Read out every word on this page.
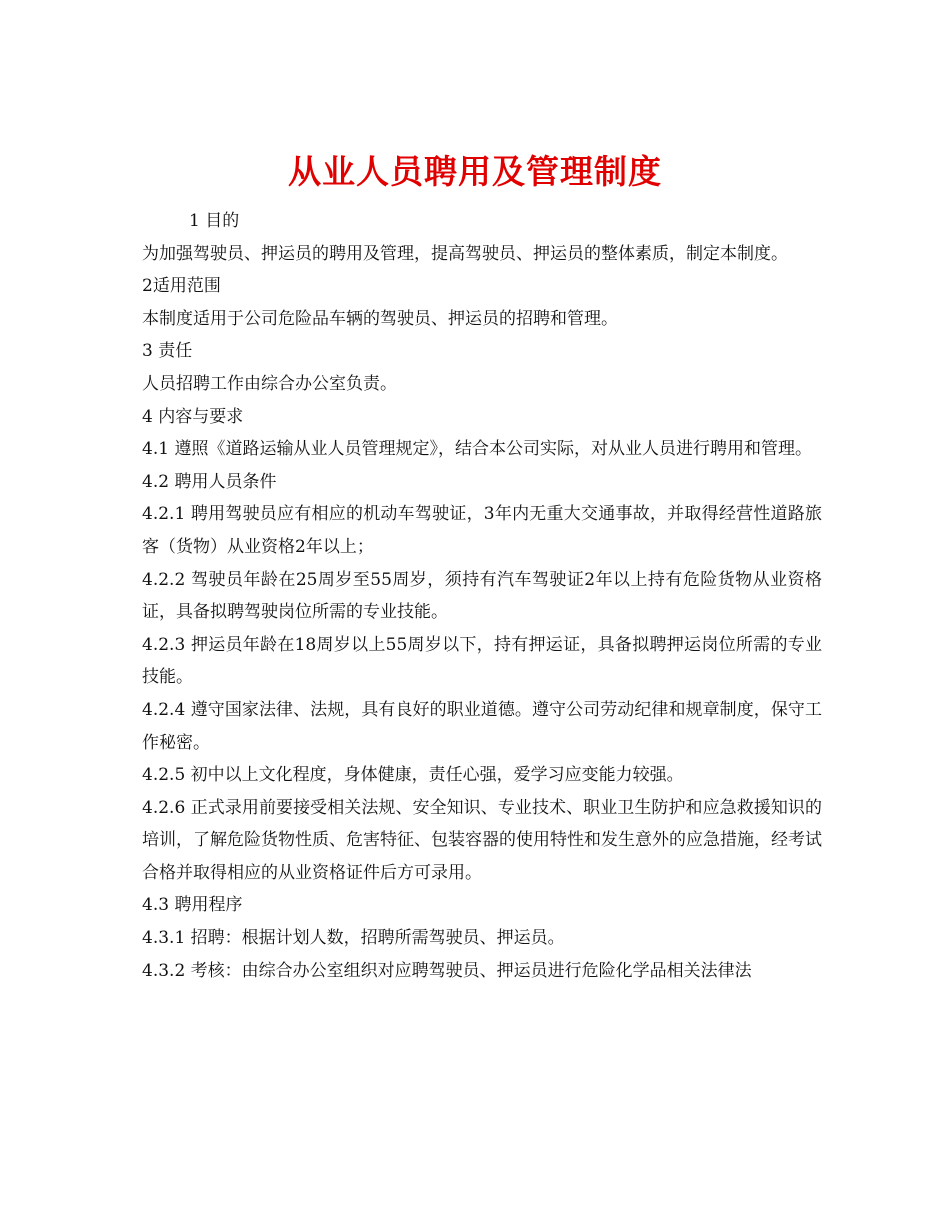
从业人员聘用及管理制度

1 目的

为加强驾驶员、押运员的聘用及管理，提高驾驶员、押运员的整体素质，制定本制度。

2适用范围

本制度适用于公司危险品车辆的驾驶员、押运员的招聘和管理。

3 责任

人员招聘工作由综合办公室负责。

4 内容与要求

4.1 遵照《道路运输从业人员管理规定》，结合本公司实际，对从业人员进行聘用和管理。

4.2 聘用人员条件

4.2.1 聘用驾驶员应有相应的机动车驾驶证，3年内无重大交通事故，并取得经营性道路旅客（货物）从业资格2年以上；

4.2.2 驾驶员年龄在25周岁至55周岁，须持有汽车驾驶证2年以上持有危险货物从业资格证，具备拟聘驾驶岗位所需的专业技能。

4.2.3 押运员年龄在18周岁以上55周岁以下，持有押运证，具备拟聘押运岗位所需的专业技能。

4.2.4 遵守国家法律、法规，具有良好的职业道德。遵守公司劳动纪律和规章制度，保守工作秘密。

4.2.5 初中以上文化程度，身体健康，责任心强，爱学习应变能力较强。

4.2.6 正式录用前要接受相关法规、安全知识、专业技术、职业卫生防护和应急救援知识的培训，了解危险货物性质、危害特征、包装容器的使用特性和发生意外的应急措施，经考试合格并取得相应的从业资格证件后方可录用。

4.3 聘用程序

4.3.1 招聘：根据计划人数，招聘所需驾驶员、押运员。

4.3.2 考核：由综合办公室组织对应聘驾驶员、押运员进行危险化学品相关法律法
